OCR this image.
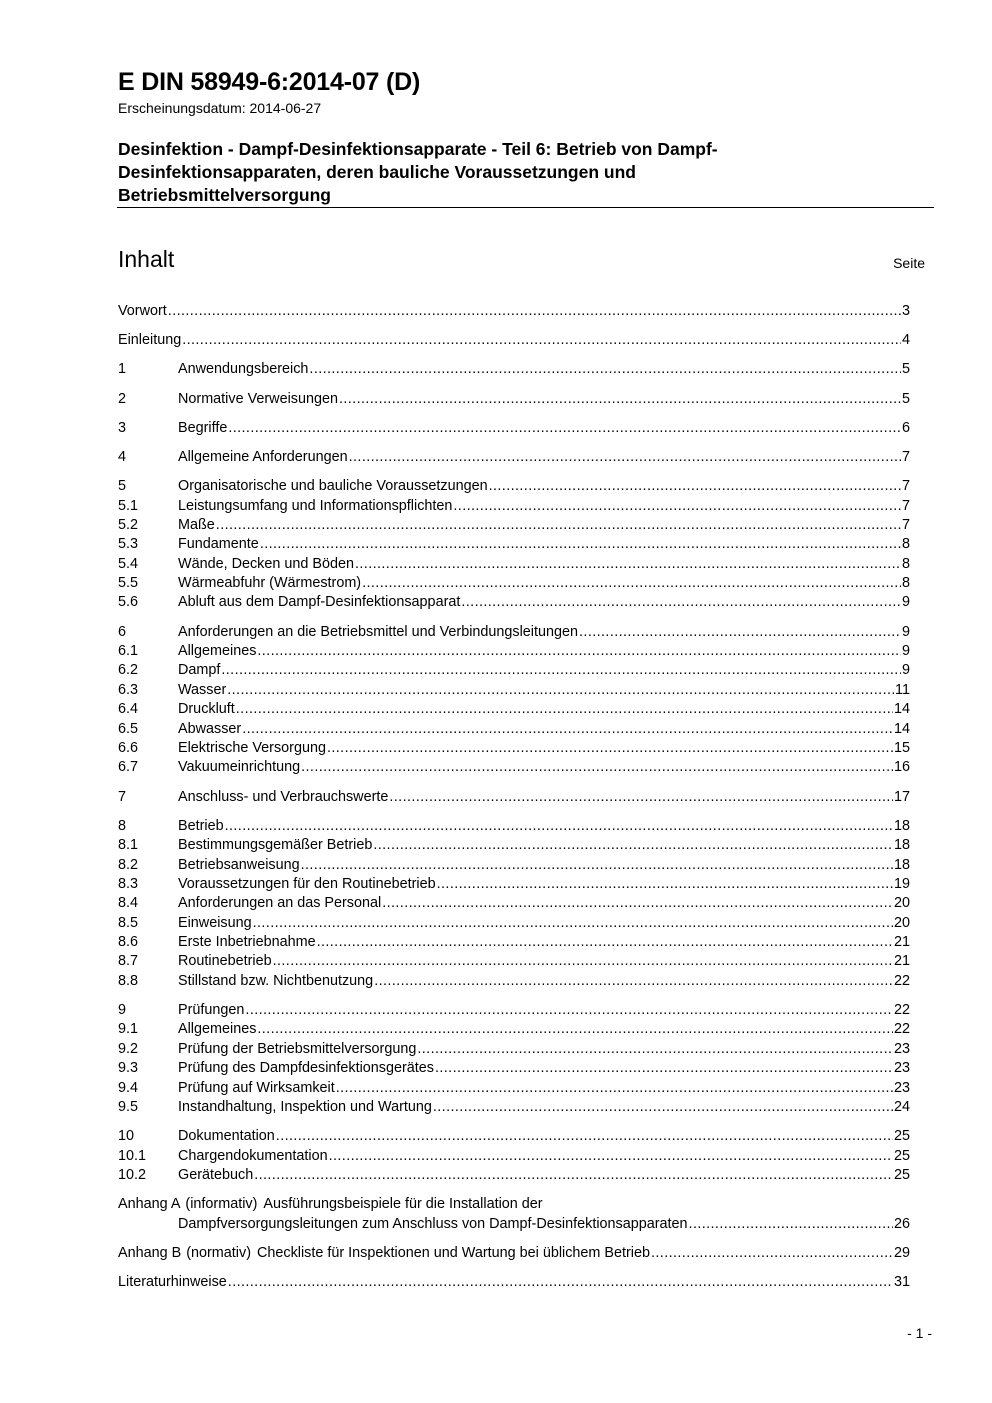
E DIN 58949-6:2014-07 (D)
Erscheinungsdatum: 2014-06-27
Desinfektion - Dampf-Desinfektionsapparate - Teil 6: Betrieb von Dampf-Desinfektionsapparaten, deren bauliche Voraussetzungen und Betriebsmittelversorgung
Inhalt	Seite
Vorwort .....	3
Einleitung .....	4
1	Anwendungsbereich .....	5
2	Normative Verweisungen .....	5
3	Begriffe .....	6
4	Allgemeine Anforderungen .....	7
5	Organisatorische und bauliche Voraussetzungen .....	7
5.1	Leistungsumfang und Informationspflichten .....	7
5.2	Maße .....	7
5.3	Fundamente .....	8
5.4	Wände, Decken und Böden .....	8
5.5	Wärmeabfuhr (Wärmestrom) .....	8
5.6	Abluft aus dem Dampf-Desinfektionsapparat .....	9
6	Anforderungen an die Betriebsmittel und Verbindungsleitungen .....	9
6.1	Allgemeines .....	9
6.2	Dampf .....	9
6.3	Wasser .....	11
6.4	Druckluft .....	14
6.5	Abwasser .....	14
6.6	Elektrische Versorgung .....	15
6.7	Vakuumeinrichtung .....	16
7	Anschluss- und Verbrauchswerte .....	17
8	Betrieb .....	18
8.1	Bestimmungsgemäßer Betrieb .....	18
8.2	Betriebsanweisung .....	18
8.3	Voraussetzungen für den Routinebetrieb .....	19
8.4	Anforderungen an das Personal .....	20
8.5	Einweisung .....	20
8.6	Erste Inbetriebnahme .....	21
8.7	Routinebetrieb .....	21
8.8	Stillstand bzw. Nichtbenutzung .....	22
9	Prüfungen .....	22
9.1	Allgemeines .....	22
9.2	Prüfung der Betriebsmittelversorgung .....	23
9.3	Prüfung des Dampfdesinfektionsgerätes .....	23
9.4	Prüfung auf Wirksamkeit .....	23
9.5	Instandhaltung, Inspektion und Wartung .....	24
10	Dokumentation .....	25
10.1	Chargendokumentation .....	25
10.2	Gerätebuch .....	25
Anhang A (informativ) Ausführungsbeispiele für die Installation der
Dampfversorgungsleitungen zum Anschluss von Dampf-Desinfektionsapparaten .....	26
Anhang B (normativ) Checkliste für Inspektionen und Wartung bei üblichem Betrieb .....	29
Literaturhinweise .....	31
- 1 -
